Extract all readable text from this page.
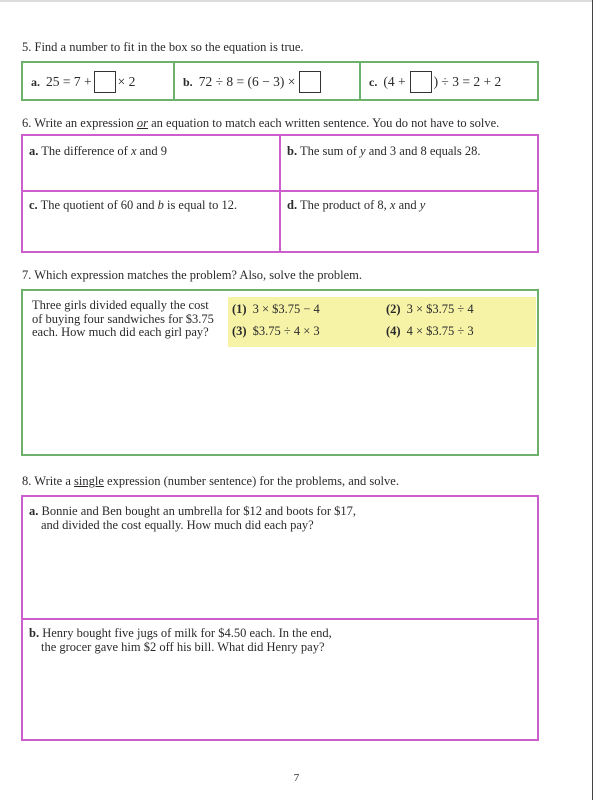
5. Find a number to fit in the box so the equation is true.
a. 25 = 7 + × 2	b. 72 ÷ 8 = (6 − 3) ×	c. (4 + ) ÷ 3 = 2 + 2
6. Write an expression or an equation to match each written sentence. You do not have to solve.
a. The difference of x and 9	b. The sum of y and 3 and 8 equals 28.
c. The quotient of 60 and b is equal to 12.	d. The product of 8, x and y
7. Which expression matches the problem? Also, solve the problem.
Three girls divided equally the cost
of buying four sandwiches for $3.75
each. How much did each girl pay?
(1) 3 × $3.75 − 4	(2) 3 × $3.75 ÷ 4
(3) $3.75 ÷ 4 × 3	(4) 4 × $3.75 ÷ 3
8. Write a single expression (number sentence) for the problems, and solve.
a. Bonnie and Ben bought an umbrella for $12 and boots for $17,
and divided the cost equally. How much did each pay?
b. Henry bought five jugs of milk for $4.50 each. In the end,
the grocer gave him $2 off his bill. What did Henry pay?
7
